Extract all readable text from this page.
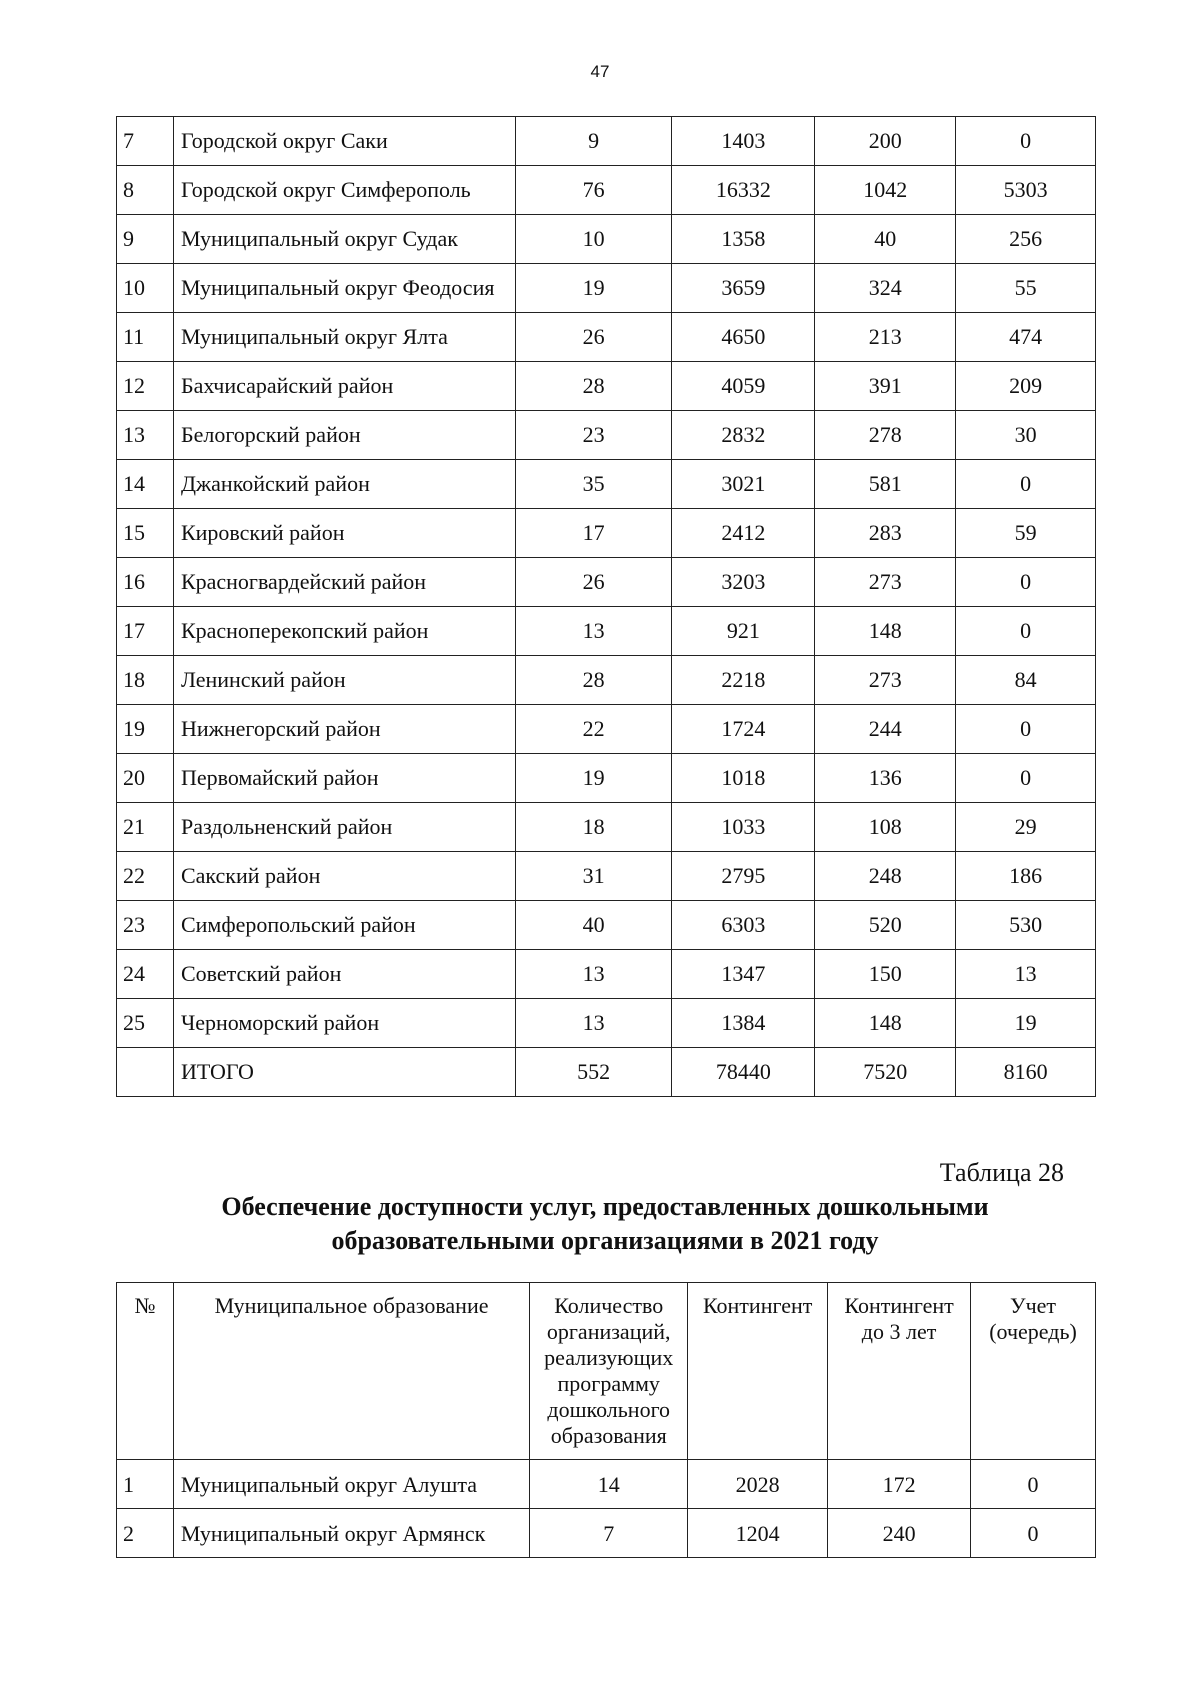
47
7	Городской округ Саки	9	1403	200	0
8	Городской округ Симферополь	76	16332	1042	5303
9	Муниципальный округ Судак	10	1358	40	256
10	Муниципальный округ Феодосия	19	3659	324	55
11	Муниципальный округ Ялта	26	4650	213	474
12	Бахчисарайский район	28	4059	391	209
13	Белогорский район	23	2832	278	30
14	Джанкойский район	35	3021	581	0
15	Кировский район	17	2412	283	59
16	Красногвардейский район	26	3203	273	0
17	Красноперекопский район	13	921	148	0
18	Ленинский район	28	2218	273	84
19	Нижнегорский район	22	1724	244	0
20	Первомайский район	19	1018	136	0
21	Раздольненский район	18	1033	108	29
22	Сакский район	31	2795	248	186
23	Симферопольский район	40	6303	520	530
24	Советский район	13	1347	150	13
25	Черноморский район	13	1384	148	19
	ИТОГО	552	78440	7520	8160
Таблица 28
Обеспечение доступности услуг, предоставленных дошкольными образовательными организациями в 2021 году
№	Муниципальное образование	Количество организаций, реализующих программу дошкольного образования	Контингент	Контингент до 3 лет	Учет (очередь)
1	Муниципальный округ Алушта	14	2028	172	0
2	Муниципальный округ Армянск	7	1204	240	0
